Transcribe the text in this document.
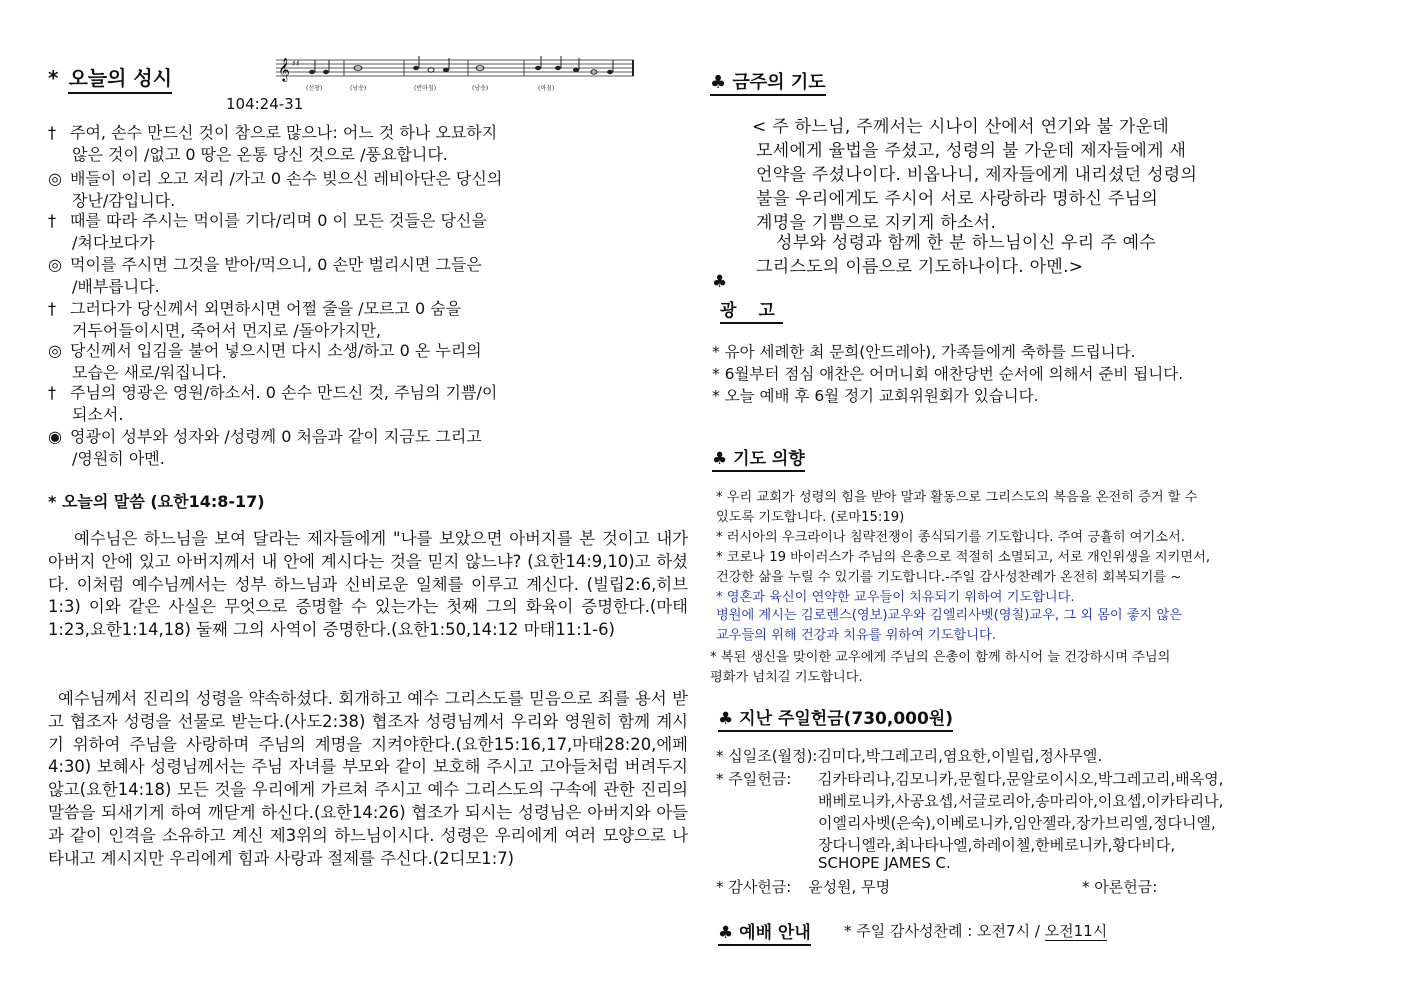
* 오늘의 성시	𝄞 ♯♯
(선창)	(낭송)	(반마침)	(낭송)	(마침)
104:24-31
† 주여, 손수 만드신 것이 참으로 많으나: 어느 것 하나 오묘하지
않은 것이 /없고 0 땅은 온통 당신 것으로 /풍요합니다.
◎ 배들이 이리 오고 저리 /가고 0 손수 빚으신 레비아단은 당신의
장난/감입니다.
† 때를 따라 주시는 먹이를 기다/리며 0 이 모든 것들은 당신을
/쳐다보다가
◎ 먹이를 주시면 그것을 받아/먹으니, 0 손만 벌리시면 그들은
/배부릅니다.
† 그러다가 당신께서 외면하시면 어쩔 줄을 /모르고 0 숨을
거두어들이시면, 죽어서 먼지로 /돌아가지만,
◎ 당신께서 입김을 불어 넣으시면 다시 소생/하고 0 온 누리의
모습은 새로/워집니다.
† 주님의 영광은 영원/하소서. 0 손수 만드신 것, 주님의 기쁨/이
되소서.
◉ 영광이 성부와 성자와 /성령께 0 처음과 같이 지금도 그리고
/영원히 아멘.
* 오늘의 말씀 (요한14:8-17)

예수님은 하느님을 보여 달라는 제자들에게 "나를 보았으면 아버지를 본 것이고 내가 아버지 안에 있고 아버지께서 내 안에 계시다는 것을 믿지 않느냐? (요한14:9,10)고 하셨다. 이처럼 예수님께서는 성부 하느님과 신비로운 일체를 이루고 계신다. (빌립2:6,히브1:3) 이와 같은 사실은 무엇으로 증명할 수 있는가는 첫째 그의 화육이 증명한다.(마태1:23,요한1:14,18) 둘째 그의 사역이 증명한다.(요한1:50,14:12 마태11:1-6)

예수님께서 진리의 성령을 약속하셨다. 회개하고 예수 그리스도를 믿음으로 죄를 용서 받고 협조자 성령을 선물로 받는다.(사도2:38) 협조자 성령님께서 우리와 영원히 함께 계시기 위하여 주님을 사랑하며 주님의 계명을 지켜야한다.(요한15:16,17,마태28:20,에페4:30) 보혜사 성령님께서는 주님 자녀를 부모와 같이 보호해 주시고 고아들처럼 버려두지 않고(요한14:18) 모든 것을 우리에게 가르쳐 주시고 예수 그리스도의 구속에 관한 진리의 말씀을 되새기게 하여 깨닫게 하신다.(요한14:26) 협조가 되시는 성령님은 아버지와 아들과 같이 인격을 소유하고 계신 제3위의 하느님이시다. 성령은 우리에게 여러 모양으로 나타내고 계시지만 우리에게 힘과 사랑과 절제를 주신다.(2디모1:7)

♣ 금주의 기도
< 주 하느님, 주께서는 시나이 산에서 연기와 불 가운데
모세에게 율법을 주셨고, 성령의 불 가운데 제자들에게 새
언약을 주셨나이다. 비옵나니, 제자들에게 내리셨던 성령의
불을 우리에게도 주시어 서로 사랑하라 명하신 주님의
계명을 기쁨으로 지키게 하소서.
성부와 성령과 함께 한 분 하느님이신 우리 주 예수
그리스도의 이름으로 기도하나이다. 아멘.>
♣
광 고
* 유아 세례한 최 문희(안드레아), 가족들에게 축하를 드립니다.
* 6월부터 점심 애찬은 어머니회 애찬당번 순서에 의해서 준비 됩니다.
* 오늘 예배 후 6월 정기 교회위원회가 있습니다.
♣ 기도 의향
* 우리 교회가 성령의 힘을 받아 말과 활동으로 그리스도의 복음을 온전히 증거 할 수
있도록 기도합니다. (로마15:19)
* 러시아의 우크라이나 침략전쟁이 종식되기를 기도합니다. 주여 긍휼히 여기소서.
* 코로나 19 바이러스가 주님의 은총으로 적절히 소멸되고, 서로 개인위생을 지키면서,
건강한 삶을 누릴 수 있기를 기도합니다.-주일 감사성찬례가 온전히 회복되기를 ~
* 영혼과 육신이 연약한 교우들이 치유되기 위하여 기도합니다.
병원에 계시는 김로렌스(영보)교우와 김엘리사벳(영칠)교우, 그 외 몸이 좋지 않은
교우들의 위해 건강과 치유를 위하여 기도합니다.
* 복된 생신을 맞이한 교우에게 주님의 은총이 함께 하시어 늘 건강하시며 주님의
평화가 넘치길 기도합니다.
♣ 지난 주일헌금(730,000원)
* 십일조(월정):김미다,박그레고리,염요한,이빌립,정사무엘.
* 주일헌금: 김카타리나,김모니카,문힐다,문알로이시오,박그레고리,배옥영,
배베로니카,사공요셉,서글로리아,송마리아,이요셉,이카타리나,
이엘리사벳(은숙),이베로니카,임안젤라,장가브리엘,정다니엘,
장다니엘라,최나타나엘,하레이첼,한베로니카,황다비다,
SCHOPE JAMES C.
* 감사헌금: 윤성원, 무명	* 아론헌금:
♣ 예배 안내 * 주일 감사성찬례 : 오전7시 / 오전11시
